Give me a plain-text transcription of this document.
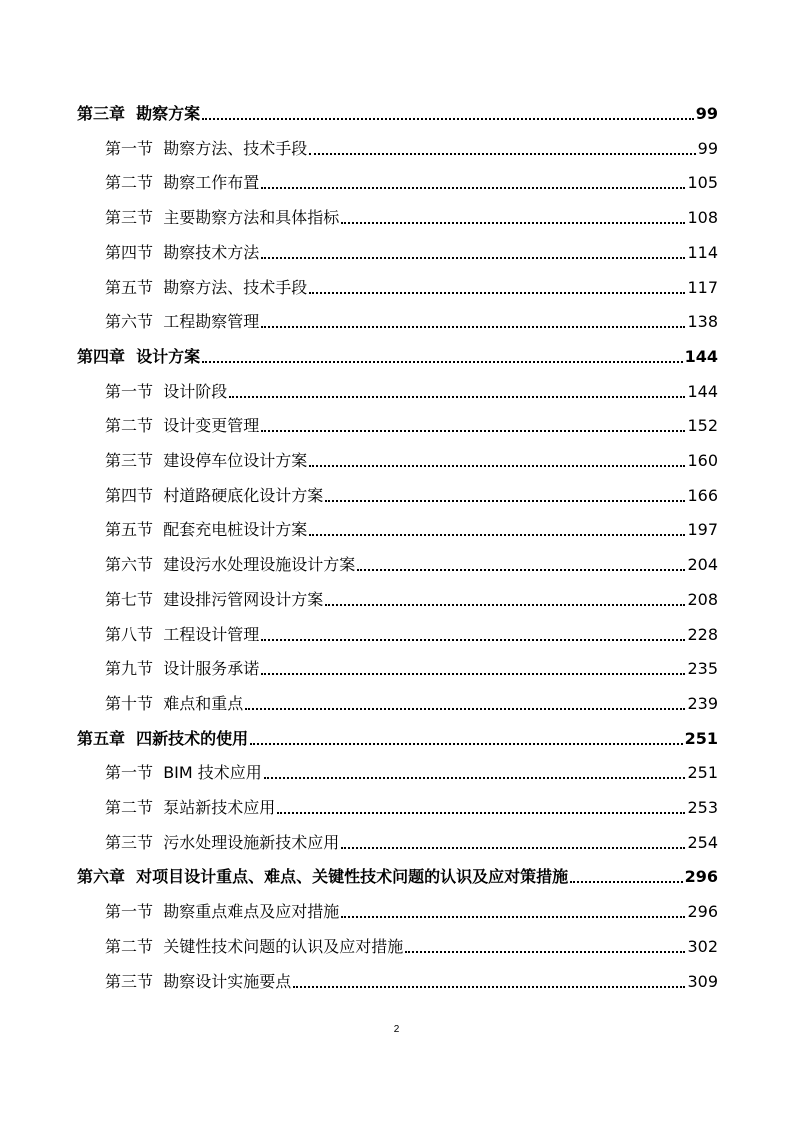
第三章 勘察方案	99
第一节 勘察方法、技术手段	99
第二节 勘察工作布置	105
第三节 主要勘察方法和具体指标	108
第四节 勘察技术方法	114
第五节 勘察方法、技术手段	117
第六节 工程勘察管理	138
第四章 设计方案	144
第一节 设计阶段	144
第二节 设计变更管理	152
第三节 建设停车位设计方案	160
第四节 村道路硬底化设计方案	166
第五节 配套充电桩设计方案	197
第六节 建设污水处理设施设计方案	204
第七节 建设排污管网设计方案	208
第八节 工程设计管理	228
第九节 设计服务承诺	235
第十节 难点和重点	239
第五章 四新技术的使用	251
第一节 BIM 技术应用	251
第二节 泵站新技术应用	253
第三节 污水处理设施新技术应用	254
第六章 对项目设计重点、难点、关键性技术问题的认识及应对策措施	296
第一节 勘察重点难点及应对措施	296
第二节 关键性技术问题的认识及应对措施	302
第三节 勘察设计实施要点	309
2
